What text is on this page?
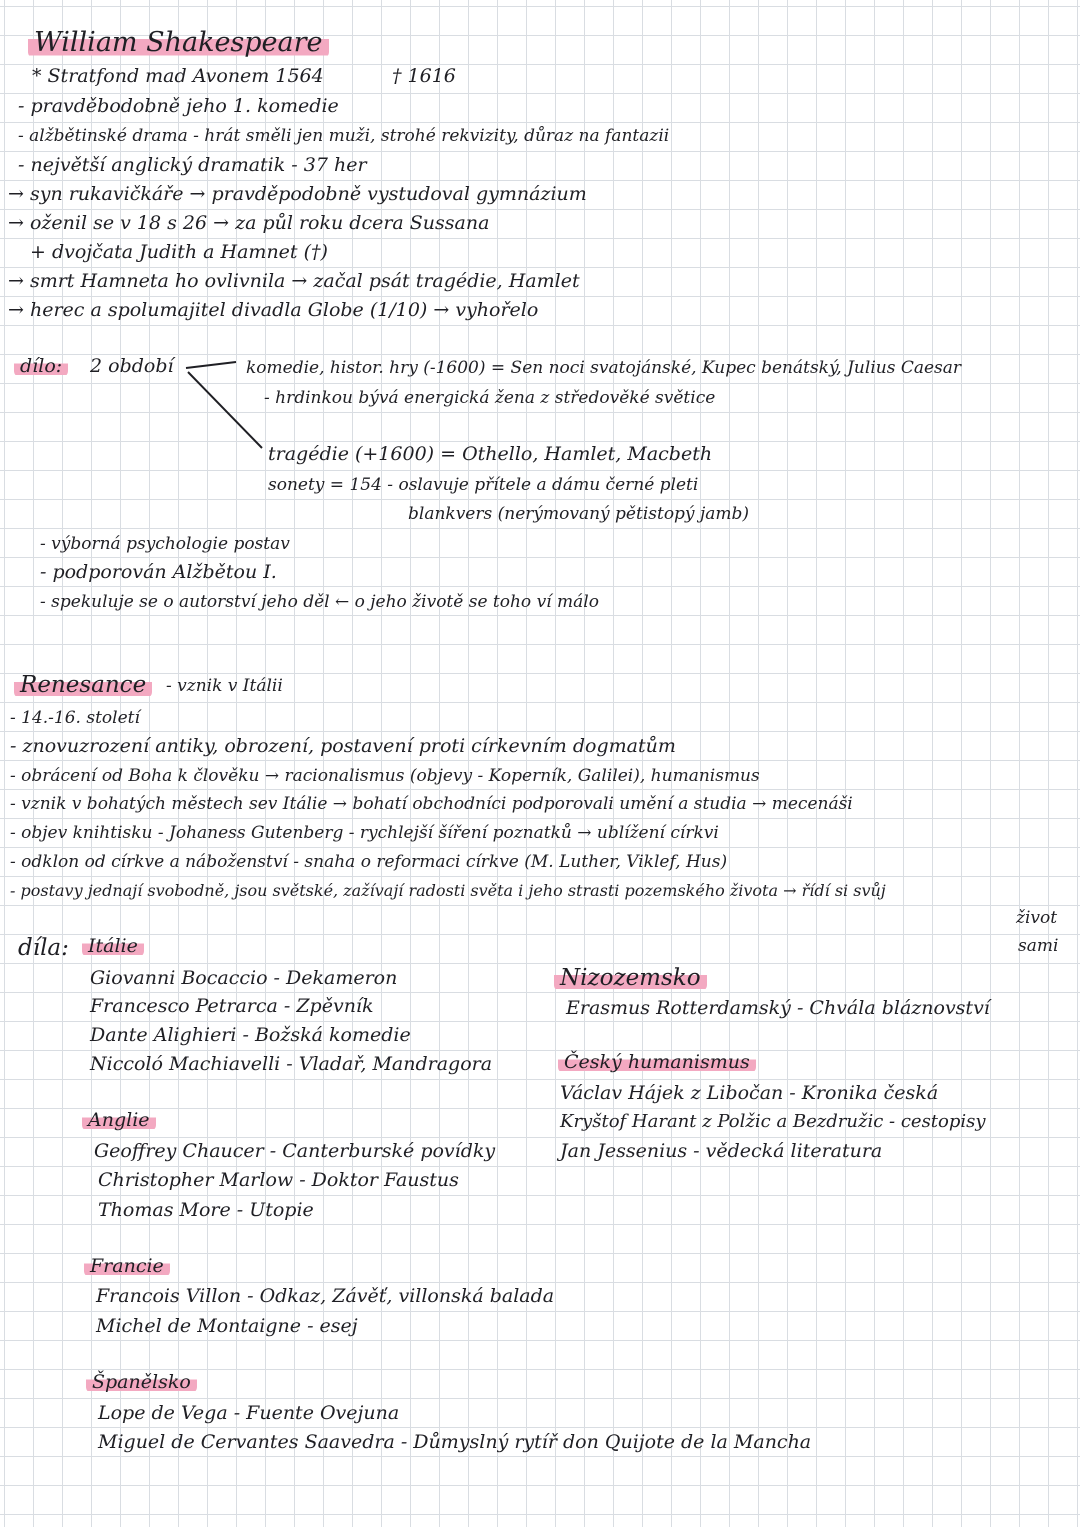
William Shakespeare
* Stratfond mad Avonem 1564	† 1616
- pravděbodobně jeho 1. komedie
- alžbětinské drama - hrát směli jen muži, strohé rekvizity, důraz na fantazii
- největší anglický dramatik - 37 her
→ syn rukavičkáře → pravděpodobně vystudoval gymnázium
→ oženil se v 18 s 26 → za půl roku dcera Sussana
+ dvojčata Judith a Hamnet (†)
→ smrt Hamneta ho ovlivnila → začal psát tragédie, Hamlet
→ herec a spolumajitel divadla Globe (1/10) → vyhořelo
dílo:	2 období	komedie, histor. hry (-1600) = Sen noci svatojánské, Kupec benátský, Julius Caesar
- hrdinkou bývá energická žena z středověké světice
tragédie (+1600) = Othello, Hamlet, Macbeth
sonety = 154 - oslavuje přítele a dámu černé pleti
blankvers (nerýmovaný pětistopý jamb)
- výborná psychologie postav
- podporován Alžbětou I.
- spekuluje se o autorství jeho děl ← o jeho životě se toho ví málo
Renesance	- vznik v Itálii
- 14.-16. století
- znovuzrození antiky, obrození, postavení proti církevním dogmatům
- obrácení od Boha k člověku → racionalismus (objevy - Koperník, Galilei), humanismus
- vznik v bohatých městech sev Itálie → bohatí obchodníci podporovali umění a studia → mecenáši
- objev knihtisku - Johaness Gutenberg - rychlejší šíření poznatků → ublížení církvi
- odklon od církve a náboženství - snaha o reformaci církve (M. Luther, Viklef, Hus)
- postavy jednají svobodně, jsou světské, zažívají radosti světa i jeho strasti pozemského života → řídí si svůj
život
sami
díla:	Itálie
Giovanni Bocaccio - Dekameron
Francesco Petrarca - Zpěvník
Dante Alighieri - Božská komedie
Niccoló Machiavelli - Vladař, Mandragora
Anglie
Geoffrey Chaucer - Canterburské povídky
Christopher Marlow - Doktor Faustus
Thomas More - Utopie
Francie
Francois Villon - Odkaz, Závěť, villonská balada
Michel de Montaigne - esej
Španělsko
Lope de Vega - Fuente Ovejuna
Miguel de Cervantes Saavedra - Důmyslný rytíř don Quijote de la Mancha
Nizozemsko
Erasmus Rotterdamský - Chvála bláznovství
Český humanismus
Václav Hájek z Libočan - Kronika česká
Kryštof Harant z Polžic a Bezdružic - cestopisy
Jan Jessenius - vědecká literatura
